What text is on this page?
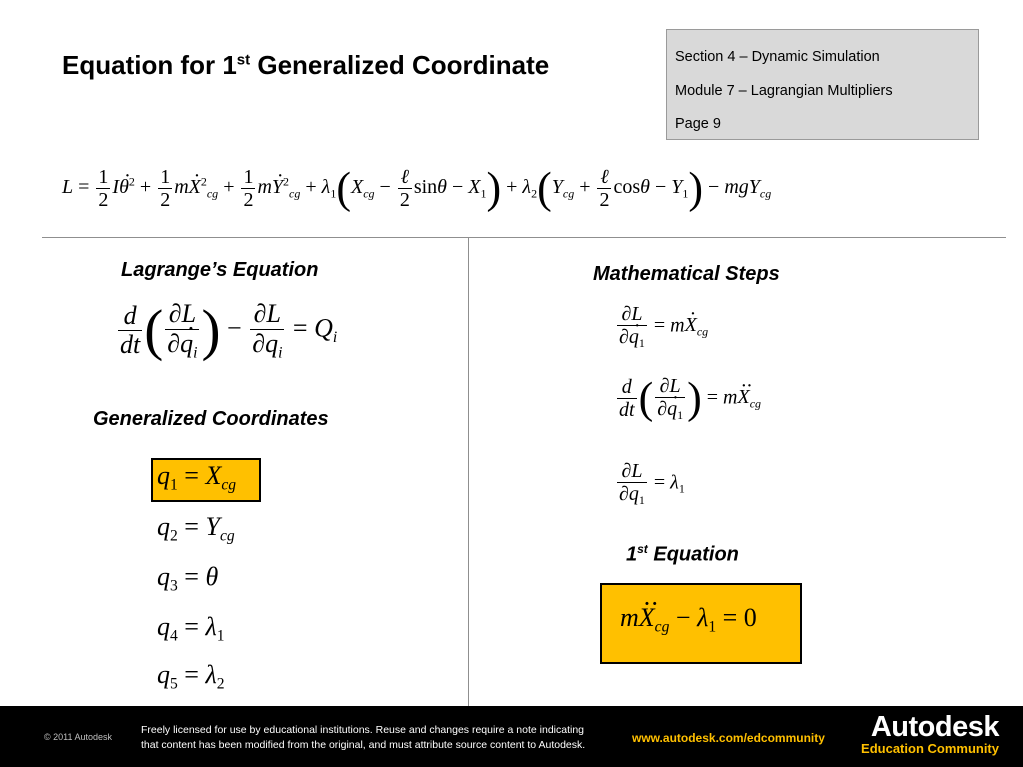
Equation for 1st Generalized Coordinate	Section 4 – Dynamic Simulation
Module 7 – Lagrangian Multipliers
Page 9
$L = \frac{1}{2} I\cdot \theta^2 + \frac{1}{2} m\cdot X^2_{cg} + \frac{1}{2} m\cdot Y^2_{cg} + \lambda_1(X_{cg} - \frac{\text{ℓ}}{2}$ $\sin\theta - X_1) + \lambda_2(Y_{cg} + \frac{\text{ℓ}}{2}$ $\cos\theta - Y_1) - mgY_{cg}$
Lagrange’s Equation
$\frac{d}{dt}$ ( $\frac{\partial L}{\partial\cdot q_i}$ ) − $\frac{\partial L}{\partial q_i} = Q_i$
Generalized Coordinates
$q_1 = X_{cg}$
$q_2 = Y_{cg}$
$q_3 = \theta$
$q_4 = \lambda_1$
$q_5 = \lambda_2$
Mathematical Steps
$\frac{\partial L}{\partial\cdot q_1} = m\cdot X_{cg}$
$\frac{d}{dt}$ ( $\frac{\partial L}{\partial\cdot q_1}$ ) = $m\cdot\cdot X_{cg}$
$\frac{\partial L}{\partial q_1} = \lambda_1$
1st Equation
$m\cdot\cdot X_{cg} - \lambda_1 = 0$
© 2011 Autodesk
Freely licensed for use by educational institutions. Reuse and changes require a note indicating
that content has been modified from the original, and must attribute source content to Autodesk.	www.autodesk.com/edcommunity	Autodesk
Education Community
